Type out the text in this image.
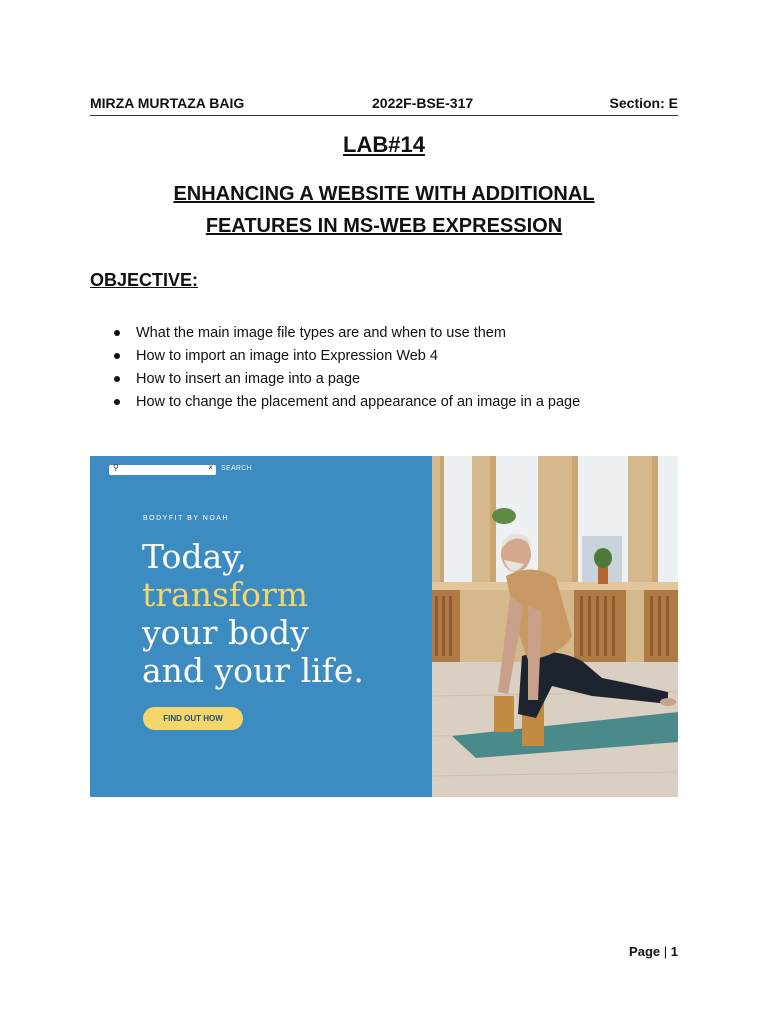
MIRZA MURTAZA BAIG	2022F-BSE-317	Section: E
LAB#14
ENHANCING A WEBSITE WITH ADDITIONAL
FEATURES IN MS-WEB EXPRESSION
OBJECTIVE:
What the main image file types are and when to use them
How to import an image into Expression Web 4
How to insert an image into a page
How to change the placement and appearance of an image in a page
⚲	× SEARCH
BODYFIT BY NOAH
Today,
transform
your body
and your life.
FIND OUT HOW
Page | 1
